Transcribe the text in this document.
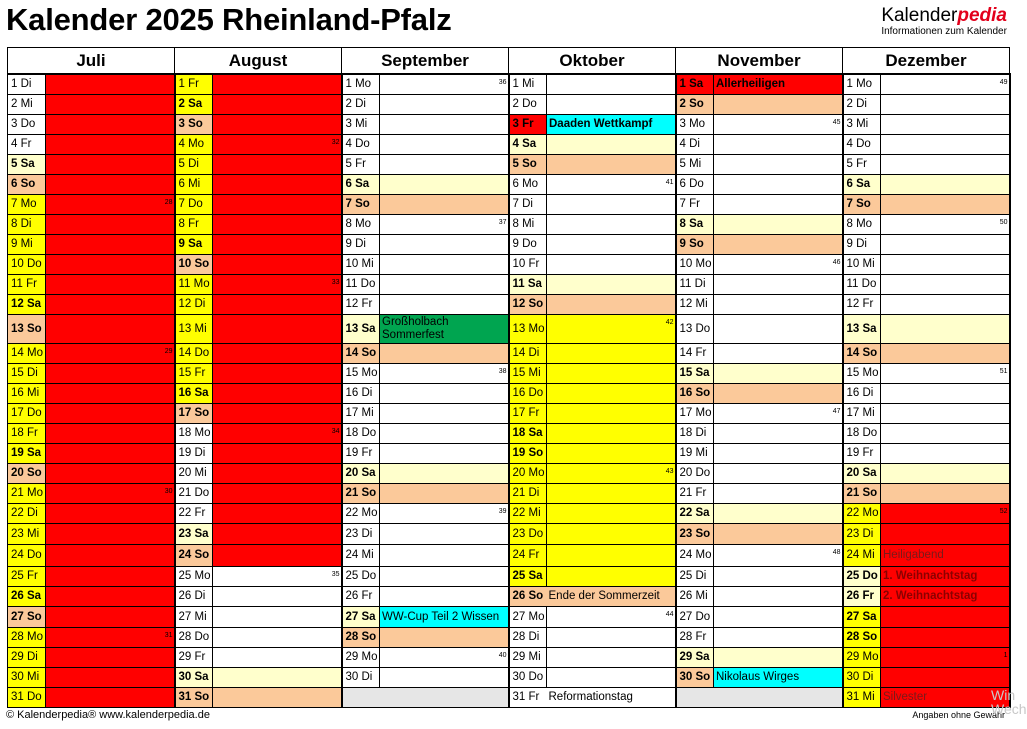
Kalender 2025 Rheinland-Pfalz	Kalenderpedia
Informationen zum Kalender
Juli		August		September		Oktober		November		Dezember	
1 Di		1 Fr		1 Mo	36	1 Mi		1 Sa	Allerheiligen	1 Mo	49

2 Mi		2 Sa		2 Di		2 Do		2 So		2 Di	
3 Do		3 So		3 Mi		3 Fr	Daaden Wettkampf	3 Mo	45	3 Mi	
4 Fr		4 Mo	32	4 Do		4 Sa		4 Di		4 Do	
5 Sa		5 Di		5 Fr		5 So		5 Mi		5 Fr	
6 So		6 Mi		6 Sa		6 Mo	41	6 Do		6 Sa	
7 Mo	28	7 Do		7 So		7 Di		7 Fr		7 So	
8 Di		8 Fr		8 Mo	37	8 Mi		8 Sa		8 Mo	50

9 Mi		9 Sa		9 Di		9 Do		9 So		9 Di	
10 Do		10 So		10 Mi		10 Fr		10 Mo	46	10 Mi	
11 Fr		11 Mo	33	11 Do		11 Sa		11 Di		11 Do	
12 Sa		12 Di		12 Fr		12 So		12 Mi		12 Fr	
13 So		13 Mi		13 Sa	Großholbach Sommerfest	13 Mo	42	13 Do		13 Sa	
14 Mo	29	14 Do		14 So		14 Di		14 Fr		14 So	
15 Di		15 Fr		15 Mo	38	15 Mi		15 Sa		15 Mo	51

16 Mi		16 Sa		16 Di		16 Do		16 So		16 Di	
17 Do		17 So		17 Mi		17 Fr		17 Mo	47	17 Mi	
18 Fr		18 Mo	34	18 Do		18 Sa		18 Di		18 Do	
19 Sa		19 Di		19 Fr		19 So		19 Mi		19 Fr	
20 So		20 Mi		20 Sa		20 Mo	43	20 Do		20 Sa	
21 Mo	30	21 Do		21 So		21 Di		21 Fr		21 So	
22 Di		22 Fr		22 Mo	39	22 Mi		22 Sa		22 Mo	52

23 Mi		23 Sa		23 Di		23 Do		23 So		23 Di	
24 Do		24 So		24 Mi		24 Fr		24 Mo	48	24 Mi	Heiligabend
25 Fr		25 Mo	35	25 Do		25 Sa		25 Di		25 Do	1. Weihnachtstag
26 Sa		26 Di		26 Fr		26 So	Ende der Sommerzeit	26 Mi		26 Fr	2. Weihnachtstag
27 So		27 Mi		27 Sa	WW-Cup Teil 2 Wissen	27 Mo	44	27 Do		27 Sa	
28 Mo	31	28 Do		28 So		28 Di		28 Fr		28 So	
29 Di		29 Fr		29 Mo	40	29 Mi		29 Sa		29 Mo	1

30 Mi		30 Sa		30 Di		30 Do		30 So	Nikolaus Wirges	30 Di	
31 Do		31 So				31 Fr	Reformationstag			31 Mi	Silvester
© Kalenderpedia® www.kalenderpedia.de	Angaben ohne Gewähr
Win
Wech
